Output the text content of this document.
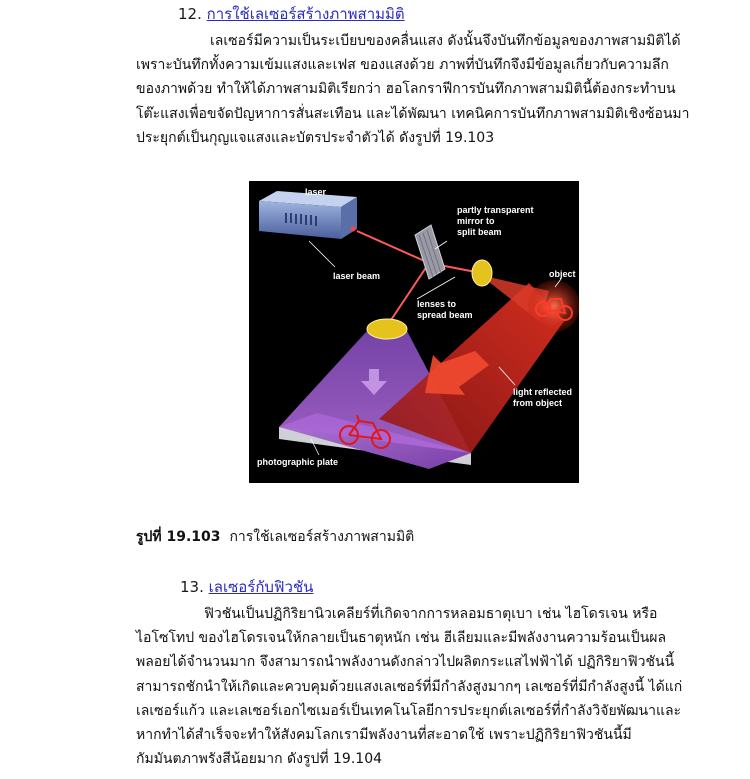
12. การใช้เลเซอร์สร้างภาพสามมิติ
เลเซอร์มีความเป็นระเบียบของคลื่นแสง ดังนั้นจึงบันทึกข้อมูลของภาพสามมิติได้
เพราะบันทึกทั้งความเข้มแสงและเฟส ของแสงด้วย ภาพที่บันทึกจึงมีข้อมูลเกี่ยวกับความลึก
ของภาพด้วย ทำให้ได้ภาพสามมิติเรียกว่า ฮอโลกราฟีการบันทึกภาพสามมิตินี้ต้องกระทำบน
โต๊ะแสงเพื่อขจัดปัญหาการสั่นสะเทือน และได้พัฒนา เทคนิคการบันทึกภาพสามมิติเชิงซ้อนมา
ประยุกต์เป็นกุญแจแสงและบัตรประจำตัวได้ ดังรูปที่ 19.103
laser
partly transparent
mirror to
split beam
laser beam	object
lenses to
spread beam
light reflected
from object
photographic plate
รูปที่ 19.103 การใช้เลเซอร์สร้างภาพสามมิติ
13. เลเซอร์กับฟิวชัน
ฟิวชันเป็นปฏิกิริยานิวเคลียร์ที่เกิดจากการหลอมธาตุเบา เช่น ไฮโดรเจน หรือ
ไอโซโทป ของไฮโดรเจนให้กลายเป็นธาตุหนัก เช่น ฮีเลียมและมีพลังงานความร้อนเป็นผล
พลอยได้จำนวนมาก จึงสามารถนำพลังงานดังกล่าวไปผลิตกระแสไฟฟ้าได้ ปฏิกิริยาฟิวชันนี้
สามารถชักนำให้เกิดและควบคุมด้วยแสงเลเซอร์ที่มีกำลังสูงมากๆ เลเซอร์ที่มีกำลังสูงนี้ ได้แก่
เลเซอร์แก้ว และเลเซอร์เอกไซเมอร์เป็นเทคโนโลยีการประยุกต์เลเซอร์ที่กำลังวิจัยพัฒนาและ
หากทำได้สำเร็จจะทำให้สังคมโลกเรามีพลังงานที่สะอาดใช้ เพราะปฏิกิริยาฟิวชันนี้มี
กัมมันตภาพรังสีน้อยมาก ดังรูปที่ 19.104
